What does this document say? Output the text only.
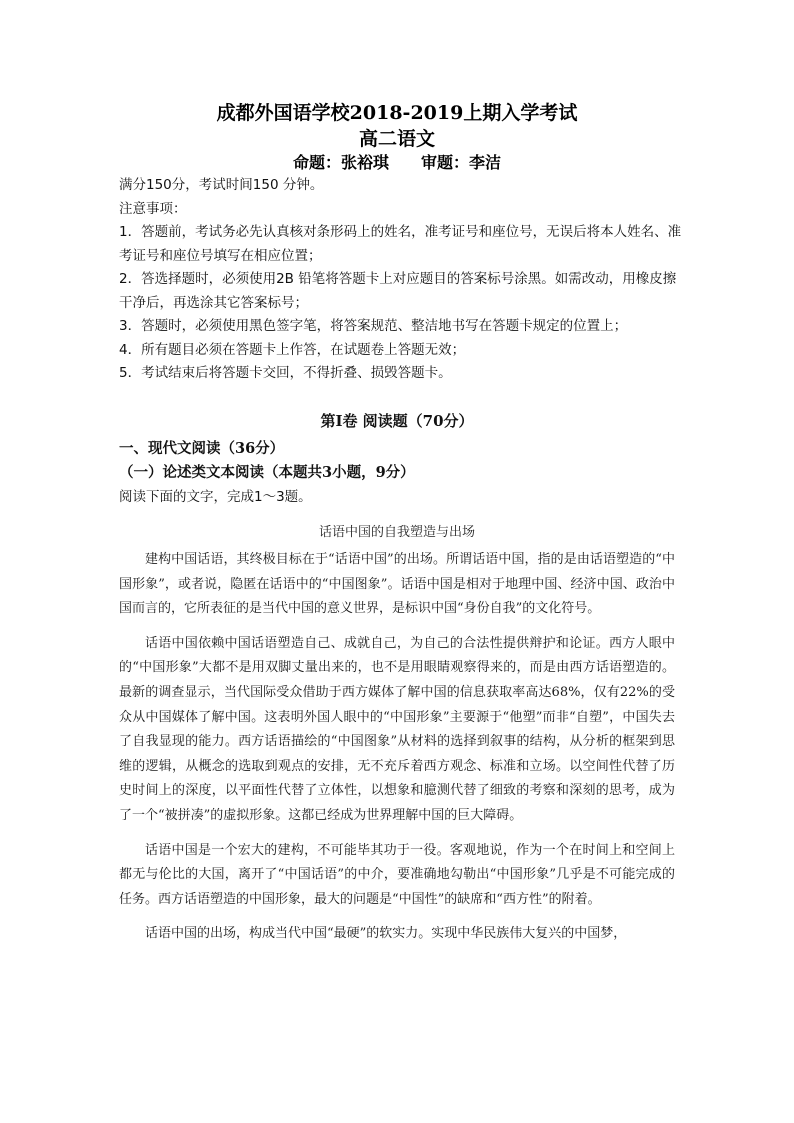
成都外国语学校2018-2019上期入学考试
高二语文
命题：张裕琪 审题：李洁

满分150分，考试时间150 分钟。

注意事项：

1．答题前，考试务必先认真核对条形码上的姓名，准考证号和座位号，无误后将本人姓名、准考证号和座位号填写在相应位置；

2．答选择题时，必须使用2B 铅笔将答题卡上对应题目的答案标号涂黑。如需改动，用橡皮擦干净后，再选涂其它答案标号；

3．答题时，必须使用黑色签字笔，将答案规范、整洁地书写在答题卡规定的位置上；

4．所有题目必须在答题卡上作答，在试题卷上答题无效；

5．考试结束后将答题卡交回，不得折叠、损毁答题卡。

第Ⅰ卷 阅读题（70分）
一、现代文阅读（36分）
（一）论述类文本阅读（本题共3小题，9分）
阅读下面的文字，完成1～3题。
话语中国的自我塑造与出场

建构中国话语，其终极目标在于“话语中国”的出场。所谓话语中国，指的是由话语塑造的“中国形象”，或者说，隐匿在话语中的“中国图象”。话语中国是相对于地理中国、经济中国、政治中国而言的，它所表征的是当代中国的意义世界，是标识中国“身份自我”的文化符号。

话语中国依赖中国话语塑造自己、成就自己，为自己的合法性提供辩护和论证。西方人眼中的“中国形象”大都不是用双脚丈量出来的，也不是用眼睛观察得来的，而是由西方话语塑造的。最新的调查显示，当代国际受众借助于西方媒体了解中国的信息获取率高达68%，仅有22%的受众从中国媒体了解中国。这表明外国人眼中的“中国形象”主要源于“他塑”而非“自塑”，中国失去了自我显现的能力。西方话语描绘的“中国图象”从材料的选择到叙事的结构，从分析的框架到思维的逻辑，从概念的选取到观点的安排，无不充斥着西方观念、标准和立场。以空间性代替了历史时间上的深度，以平面性代替了立体性，以想象和臆测代替了细致的考察和深刻的思考，成为了一个“被拼凑”的虚拟形象。这都已经成为世界理解中国的巨大障碍。

话语中国是一个宏大的建构，不可能毕其功于一役。客观地说，作为一个在时间上和空间上都无与伦比的大国，离开了“中国话语”的中介，要准确地勾勒出“中国形象”几乎是不可能完成的任务。西方话语塑造的中国形象，最大的问题是“中国性”的缺席和“西方性”的附着。

话语中国的出场，构成当代中国“最硬”的软实力。实现中华民族伟大复兴的中国梦，
